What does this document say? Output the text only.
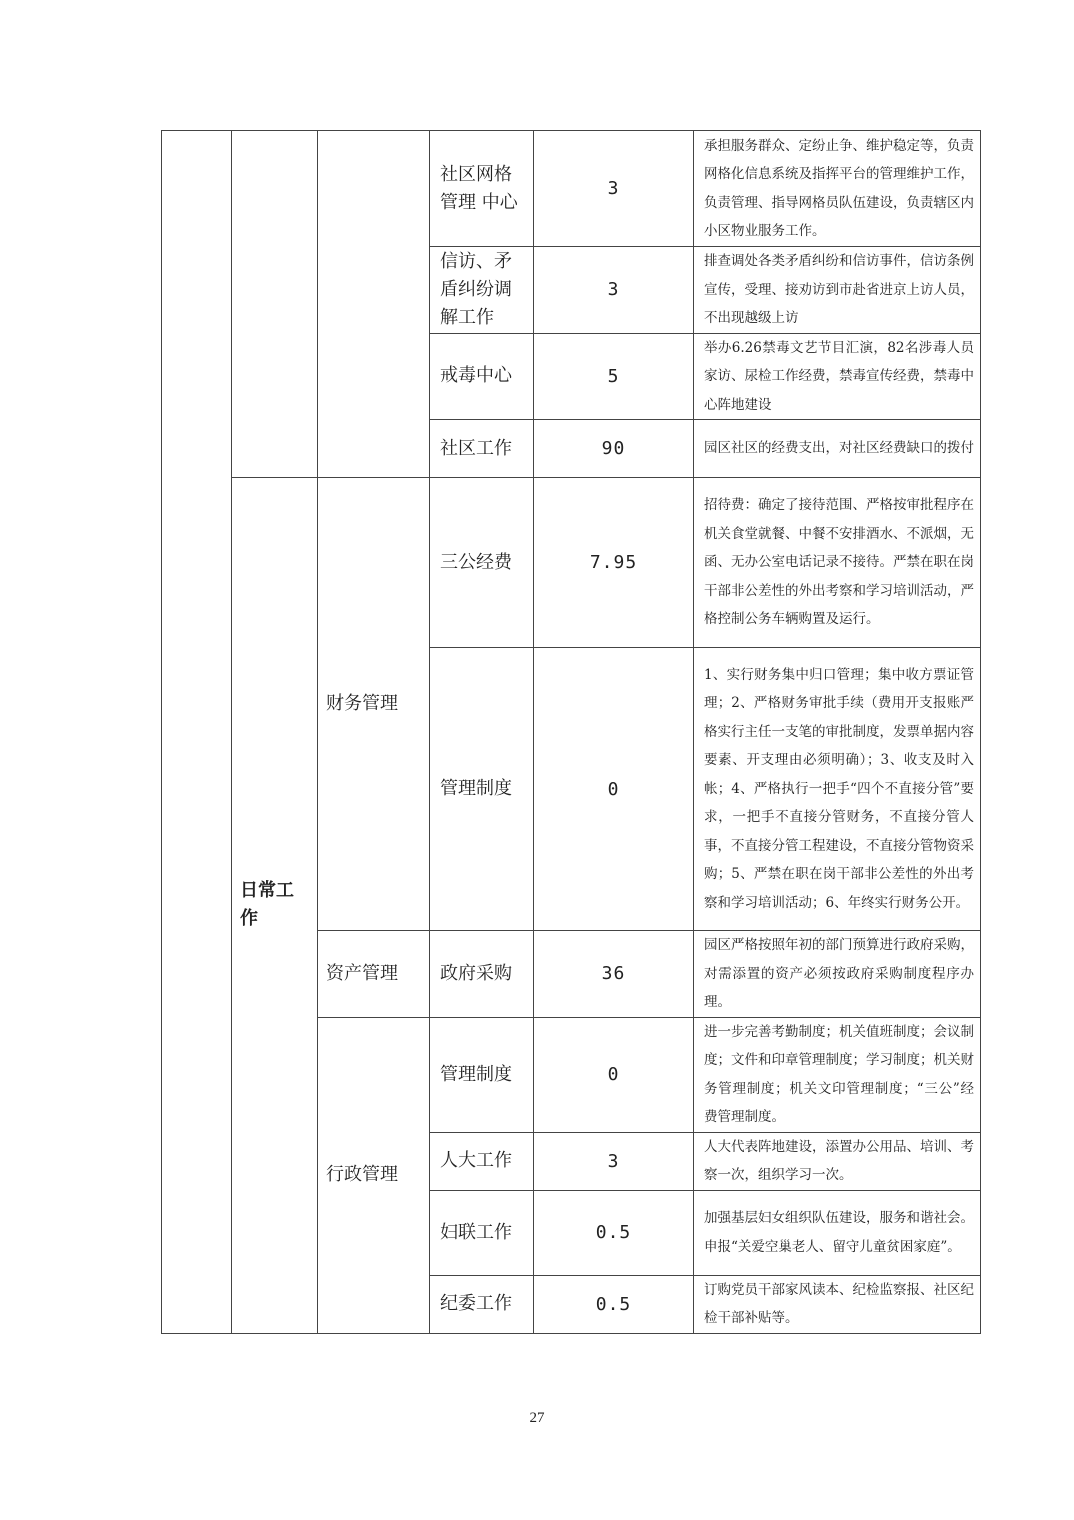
			社区网格管理 中心	3	承担服务群众、定纷止争、维护稳定等，负责网格化信息系统及指挥平台的管理维护工作，负责管理、指导网格员队伍建设，负责辖区内小区物业服务工作。
			信访、矛盾纠纷调解工作	3	排查调处各类矛盾纠纷和信访事件，信访条例宣传，受理、接劝访到市赴省进京上访人员，不出现越级上访
			戒毒中心	5	举办6.26禁毒文艺节目汇演，82名涉毒人员家访、尿检工作经费，禁毒宣传经费，禁毒中心阵地建设
			社区工作	90	园区社区的经费支出，对社区经费缺口的拨付
	日常工作	财务管理	三公经费	7.95	招待费：确定了接待范围、严格按审批程序在机关食堂就餐、中餐不安排酒水、不派烟，无函、无办公室电话记录不接待。严禁在职在岗干部非公差性的外出考察和学习培训活动，严格控制公务车辆购置及运行。
			管理制度	0	1、实行财务集中归口管理；集中收方票证管理；2、严格财务审批手续（费用开支报账严格实行主任一支笔的审批制度，发票单据内容要素、开支理由必须明确）；3、收支及时入帐；4、严格执行一把手“四个不直接分管”要求，一把手不直接分管财务，不直接分管人事，不直接分管工程建设，不直接分管物资采购；5、严禁在职在岗干部非公差性的外出考察和学习培训活动；6、年终实行财务公开。
		资产管理	政府采购	36	园区严格按照年初的部门预算进行政府采购，对需添置的资产必须按政府采购制度程序办理。
		行政管理	管理制度	0	进一步完善考勤制度；机关值班制度；会议制度；文件和印章管理制度；学习制度；机关财务管理制度；机关文印管理制度；“三公”经费管理制度。
			人大工作	3	人大代表阵地建设，添置办公用品、培训、考察一次，组织学习一次。
			妇联工作	0.5	加强基层妇女组织队伍建设，服务和谐社会。申报“关爱空巢老人、留守儿童贫困家庭”。
			纪委工作	0.5	订购党员干部家风读本、纪检监察报、社区纪检干部补贴等。
27
